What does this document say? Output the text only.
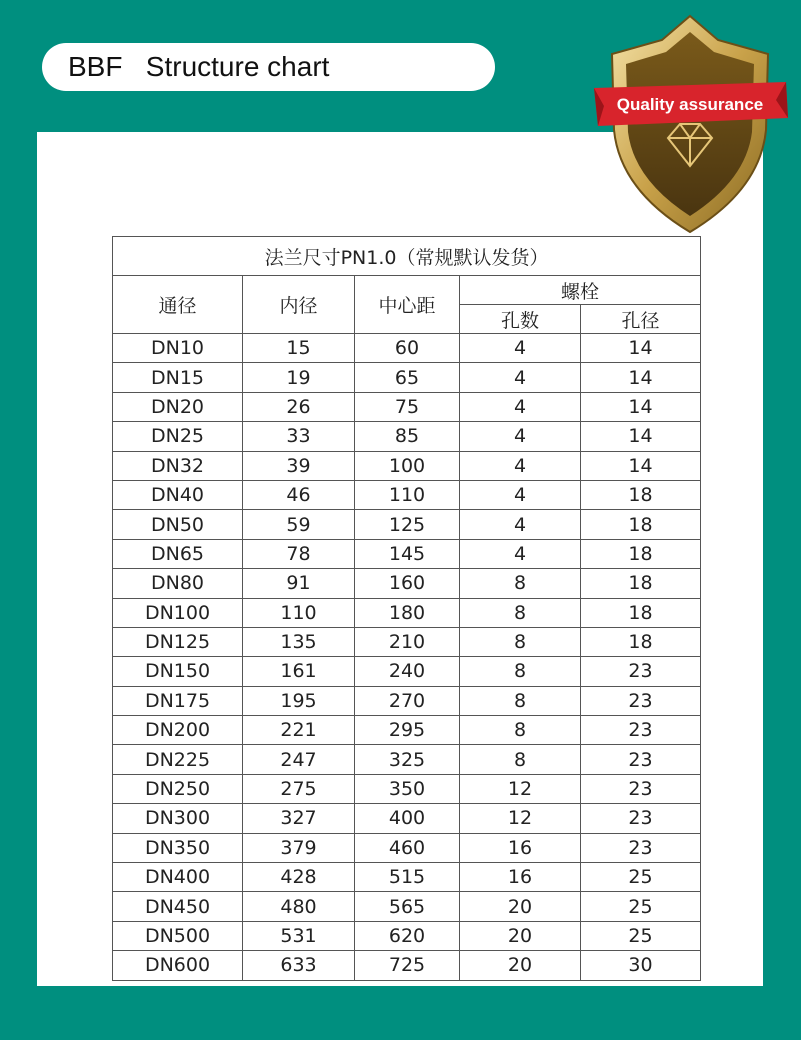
BBF   Structure chart
Quality assurance
法兰尺寸PN1.0（常规默认发货）				
通径	内径	中心距	螺栓	
			孔数	孔径
DN10	15	60	4	14
DN15	19	65	4	14
DN20	26	75	4	14
DN25	33	85	4	14
DN32	39	100	4	14
DN40	46	110	4	18
DN50	59	125	4	18
DN65	78	145	4	18
DN80	91	160	8	18
DN100	110	180	8	18
DN125	135	210	8	18
DN150	161	240	8	23
DN175	195	270	8	23
DN200	221	295	8	23
DN225	247	325	8	23
DN250	275	350	12	23
DN300	327	400	12	23
DN350	379	460	16	23
DN400	428	515	16	25
DN450	480	565	20	25
DN500	531	620	20	25
DN600	633	725	20	30
